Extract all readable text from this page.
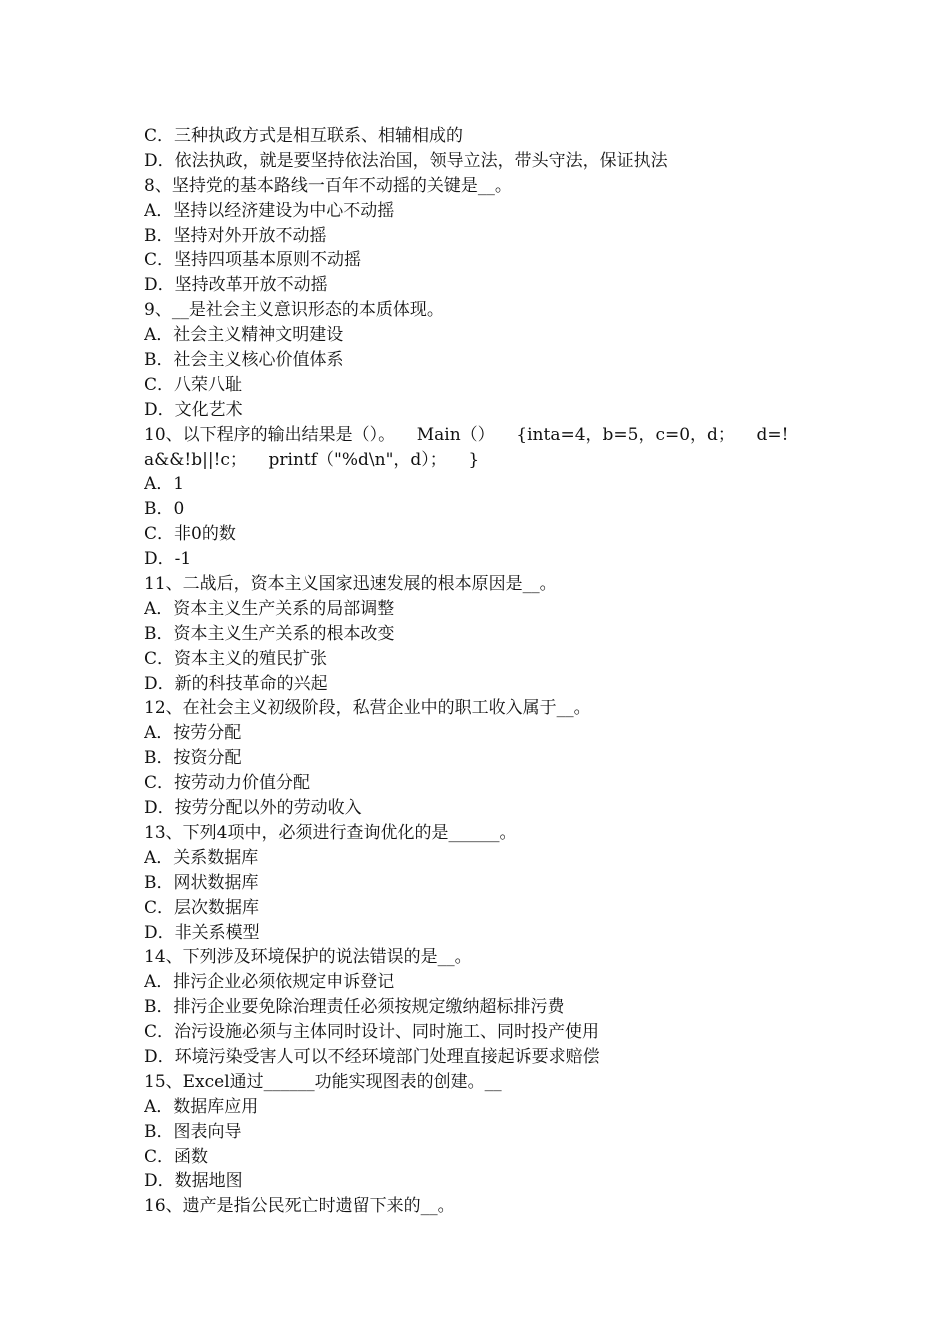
C．三种执政方式是相互联系、相辅相成的
D．依法执政，就是要坚持依法治国，领导立法，带头守法，保证执法
8、坚持党的基本路线一百年不动摇的关键是__。
A．坚持以经济建设为中心不动摇
B．坚持对外开放不动摇
C．坚持四项基本原则不动摇
D．坚持改革开放不动摇
9、__是社会主义意识形态的本质体现。
A．社会主义精神文明建设
B．社会主义核心价值体系
C．八荣八耻
D．文化艺术
10、以下程序的输出结果是（）。    Main（）    {inta=4，b=5，c=0，d；    d=!
a&&!b||!c；    printf（"%d\n"，d）；    }
A．1
B．0
C．非0的数
D．-1
11、二战后，资本主义国家迅速发展的根本原因是__。
A．资本主义生产关系的局部调整
B．资本主义生产关系的根本改变
C．资本主义的殖民扩张
D．新的科技革命的兴起
12、在社会主义初级阶段，私营企业中的职工收入属于__。
A．按劳分配
B．按资分配
C．按劳动力价值分配
D．按劳分配以外的劳动收入
13、下列4项中，必须进行查询优化的是______。
A．关系数据库
B．网状数据库
C．层次数据库
D．非关系模型
14、下列涉及环境保护的说法错误的是__。
A．排污企业必须依规定申诉登记
B．排污企业要免除治理责任必须按规定缴纳超标排污费
C．治污设施必须与主体同时设计、同时施工、同时投产使用
D．环境污染受害人可以不经环境部门处理直接起诉要求赔偿
15、Excel通过______功能实现图表的创建。__
A．数据库应用
B．图表向导
C．函数
D．数据地图
16、遗产是指公民死亡时遗留下来的__。
